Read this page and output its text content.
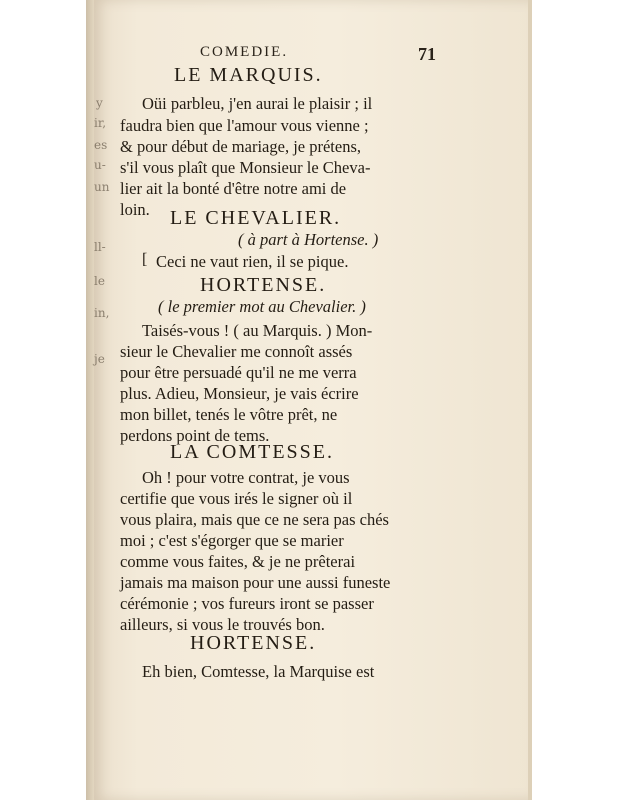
y
ir,
es
u-
un
ll-
le
in,
je
COMEDIE.	71
LE MARQUIS.
Oüi parbleu, j'en aurai le plaisir ; il
faudra bien que l'amour vous vienne ;
& pour début de mariage, je prétens,
s'il vous plaît que Monsieur le Cheva-
lier ait la bonté d'être notre ami de
loin.	LE CHEVALIER.
( à part à Hortense. )
[ Ceci ne vaut rien, il se pique.
HORTENSE.
( le premier mot au Chevalier. )
Taisés-vous ! ( au Marquis. ) Mon-
sieur le Chevalier me connoît assés
pour être persuadé qu'il ne me verra
plus. Adieu, Monsieur, je vais écrire
mon billet, tenés le vôtre prêt, ne
perdons point de tems.
LA COMTESSE.
Oh ! pour votre contrat, je vous
certifie que vous irés le signer où il
vous plaira, mais que ce ne sera pas chés
moi ; c'est s'égorger que se marier
comme vous faites, & je ne prêterai
jamais ma maison pour une aussi funeste
cérémonie ; vos fureurs iront se passer
ailleurs, si vous le trouvés bon.
HORTENSE.
Eh bien, Comtesse, la Marquise est
